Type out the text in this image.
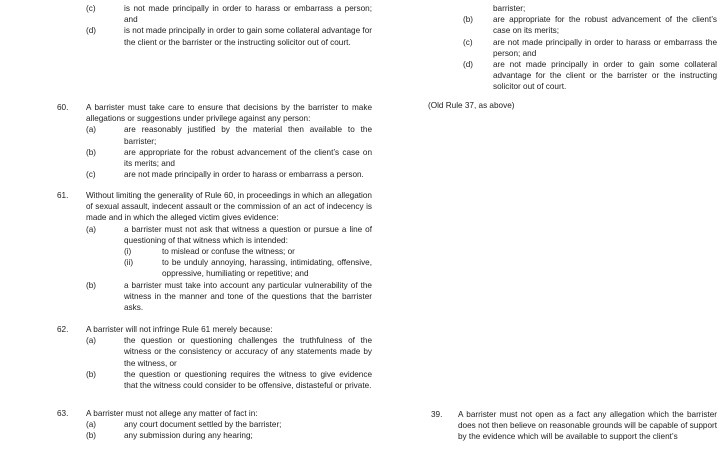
(c)	is not made principally in order to harass or embarrass a person; and
(d)	is not made principally in order to gain some collateral advantage for the client or the barrister or the instructing solicitor out of court.
60.	A barrister must take care to ensure that decisions by the barrister to make allegations or suggestions under privilege against any person:
(a)	are reasonably justified by the material then available to the barrister;
(b)	are appropriate for the robust advancement of the client’s case on its merits; and
(c)	are not made principally in order to harass or embarrass a person.
61.	Without limiting the generality of Rule 60, in proceedings in which an allegation of sexual assault, indecent assault or the commission of an act of indecency is made and in which the alleged victim gives evidence:
(a)	a barrister must not ask that witness a question or pursue a line of questioning of that witness which is intended:
(i)	to mislead or confuse the witness; or
(ii)	to be unduly annoying, harassing, intimidating, offensive, oppressive, humiliating or repetitive; and
(b)	a barrister must take into account any particular vulnerability of the witness in the manner and tone of the questions that the barrister asks.
62.	A barrister will not infringe Rule 61 merely because:
(a)	the question or questioning challenges the truthfulness of the witness or the consistency or accuracy of any statements made by the witness, or
(b)	the question or questioning requires the witness to give evidence that the witness could consider to be offensive, distasteful or private.
63.	A barrister must not allege any matter of fact in:
(a)	any court document settled by the barrister;
(b)	any submission during any hearing;
barrister;
(b)	are appropriate for the robust advancement of the client’s case on its merits;
(c)	are not made principally in order to harass or embarrass the person; and
(d)	are not made principally in order to gain some collateral advantage for the client or the barrister or the instructing solicitor out of court.
(Old Rule 37, as above)
39.	A barrister must not open as a fact any allegation which the barrister does not then believe on reasonable grounds will be capable of support by the evidence which will be available to support the client’s
